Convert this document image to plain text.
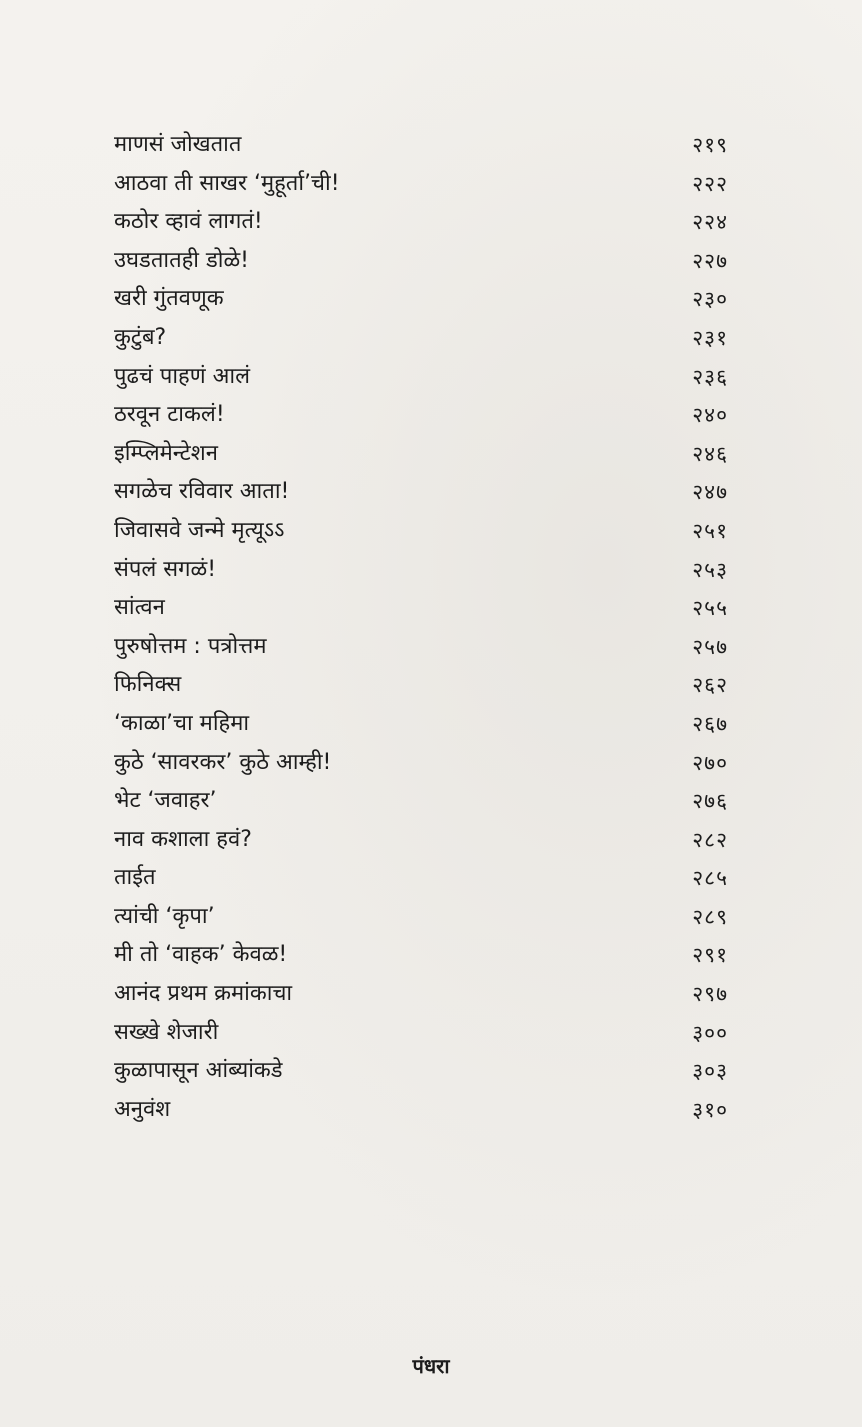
माणसं जोखतात	२१९
आठवा ती साखर ‘मुहूर्ता’ची!	२२२
कठोर व्हावं लागतं!	२२४
उघडतातही डोळे!	२२७
खरी गुंतवणूक	२३०
कुटुंब?	२३१
पुढचं पाहणं आलं	२३६
ठरवून टाकलं!	२४०
इम्प्लिमेन्टेशन	२४६
सगळेच रविवार आता!	२४७
जिवासवे जन्मे मृत्यूऽऽ	२५१
संपलं सगळं!	२५३
सांत्वन	२५५
पुरुषोत्तम : पत्रोत्तम	२५७
फिनिक्स	२६२
‘काळा’चा महिमा	२६७
कुठे ‘सावरकर’ कुठे आम्ही!	२७०
भेट ‘जवाहर’	२७६
नाव कशाला हवं?	२८२
ताईत	२८५
त्यांची ‘कृपा’	२८९
मी तो ‘वाहक’ केवळ!	२९१
आनंद प्रथम क्रमांकाचा	२९७
सख्खे शेजारी	३००
कुळापासून आंब्यांकडे	३०३
अनुवंश	३१०
पंधरा
